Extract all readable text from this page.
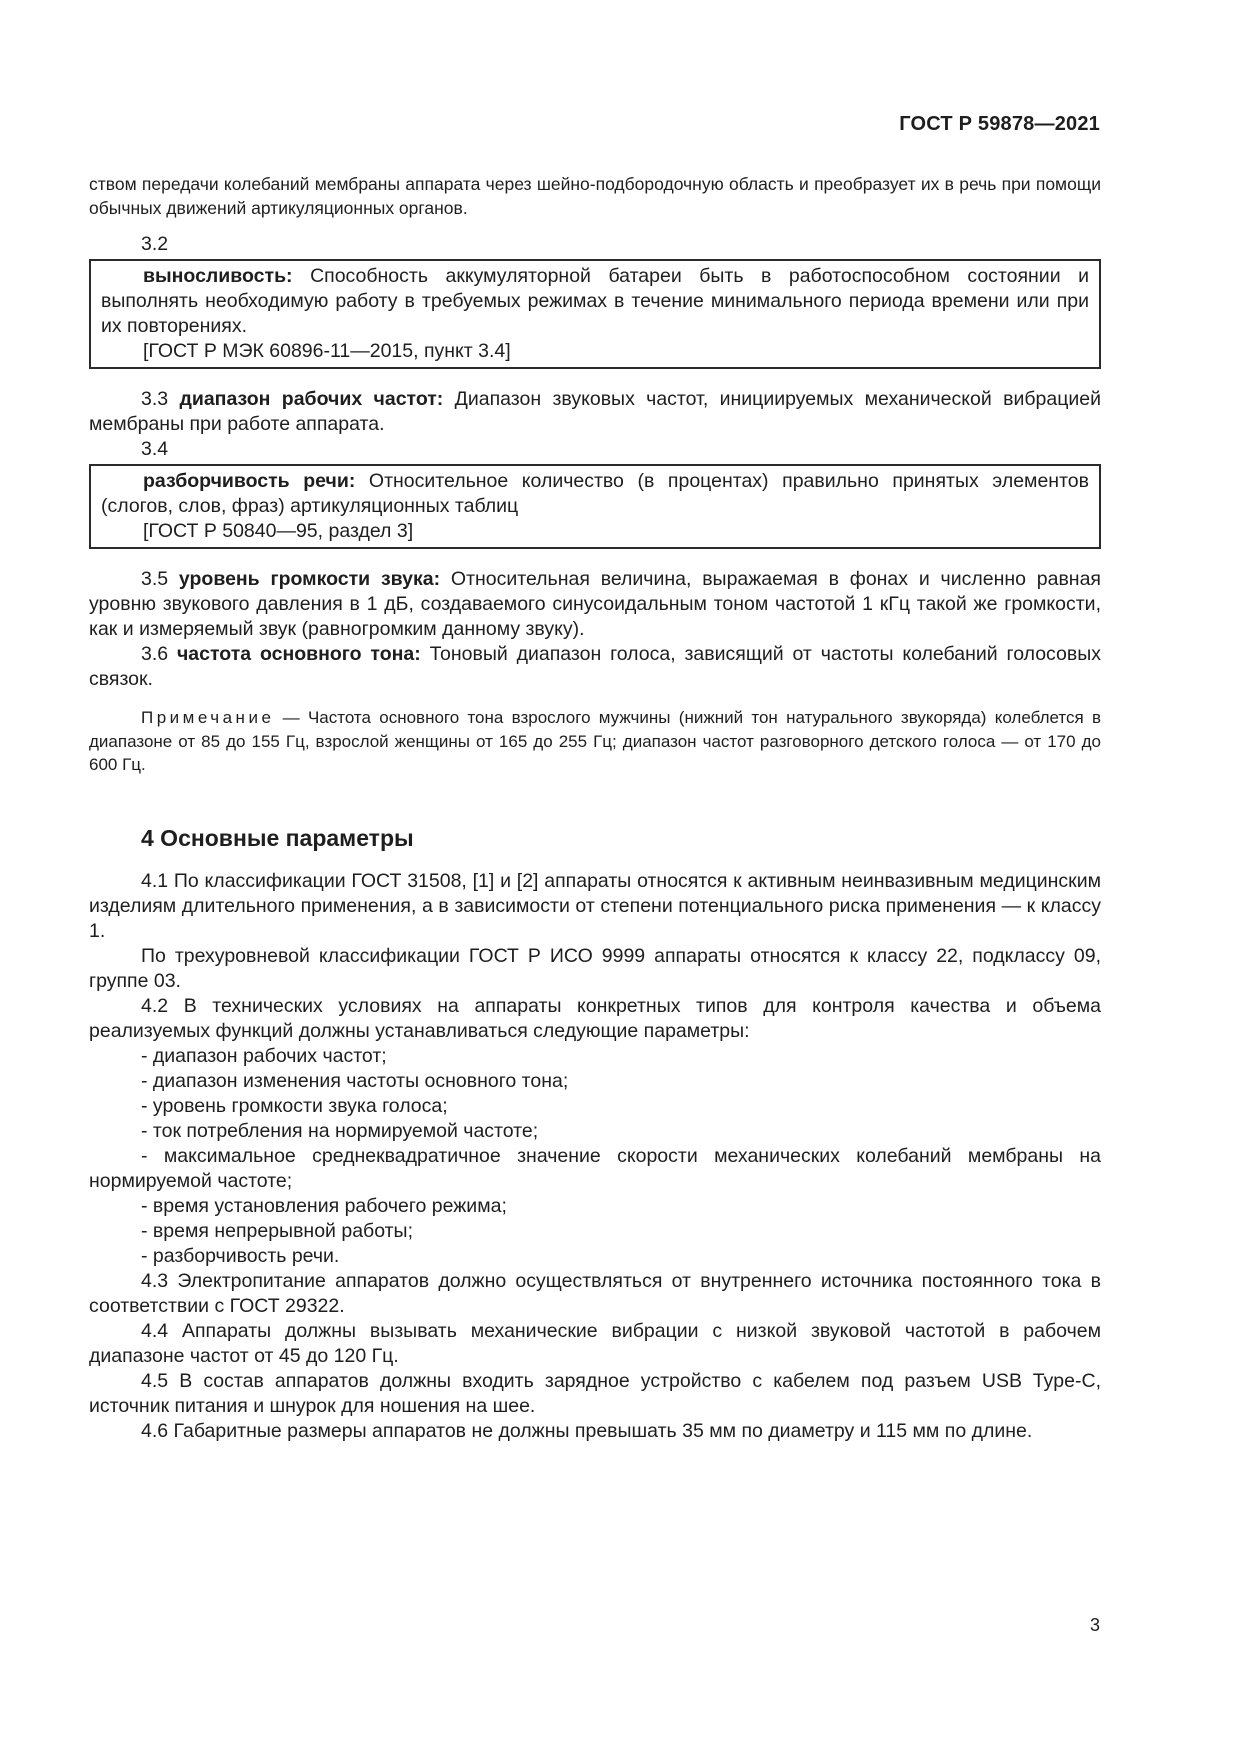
ГОСТ Р 59878—2021

ством передачи колебаний мембраны аппарата через шейно-подбородочную область и преобразует их в речь при помощи обычных движений артикуляционных органов.

3.2

выносливость: Способность аккумуляторной батареи быть в работоспособном состоянии и выполнять необходимую работу в требуемых режимах в течение минимального периода времени или при их повторениях.

[ГОСТ Р МЭК 60896-11—2015, пункт 3.4]

3.3 диапазон рабочих частот: Диапазон звуковых частот, инициируемых механической вибрацией мембраны при работе аппарата.

3.4

разборчивость речи: Относительное количество (в процентах) правильно принятых элементов (слогов, слов, фраз) артикуляционных таблиц

[ГОСТ Р 50840—95, раздел 3]

3.5 уровень громкости звука: Относительная величина, выражаемая в фонах и численно равная уровню звукового давления в 1 дБ, создаваемого синусоидальным тоном частотой 1 кГц такой же громкости, как и измеряемый звук (равногромким данному звуку).

3.6 частота основного тона: Тоновый диапазон голоса, зависящий от частоты колебаний голосовых связок.

Примечание — Частота основного тона взрослого мужчины (нижний тон натурального звукоряда) колеблется в диапазоне от 85 до 155 Гц, взрослой женщины от 165 до 255 Гц; диапазон частот разговорного детского голоса — от 170 до 600 Гц.

4 Основные параметры

4.1 По классификации ГОСТ 31508, [1] и [2] аппараты относятся к активным неинвазивным медицинским изделиям длительного применения, а в зависимости от степени потенциального риска применения — к классу 1.

По трехуровневой классификации ГОСТ Р ИСО 9999 аппараты относятся к классу 22, подклассу 09, группе 03.

4.2 В технических условиях на аппараты конкретных типов для контроля качества и объема реализуемых функций должны устанавливаться следующие параметры:

- диапазон рабочих частот;

- диапазон изменения частоты основного тона;

- уровень громкости звука голоса;

- ток потребления на нормируемой частоте;

- максимальное среднеквадратичное значение скорости механических колебаний мембраны на нормируемой частоте;

- время установления рабочего режима;

- время непрерывной работы;

- разборчивость речи.

4.3 Электропитание аппаратов должно осуществляться от внутреннего источника постоянного тока в соответствии с ГОСТ 29322.

4.4 Аппараты должны вызывать механические вибрации с низкой звуковой частотой в рабочем диапазоне частот от 45 до 120 Гц.

4.5 В состав аппаратов должны входить зарядное устройство с кабелем под разъем USB Type-C, источник питания и шнурок для ношения на шее.

4.6 Габаритные размеры аппаратов не должны превышать 35 мм по диаметру и 115 мм по длине.

3
